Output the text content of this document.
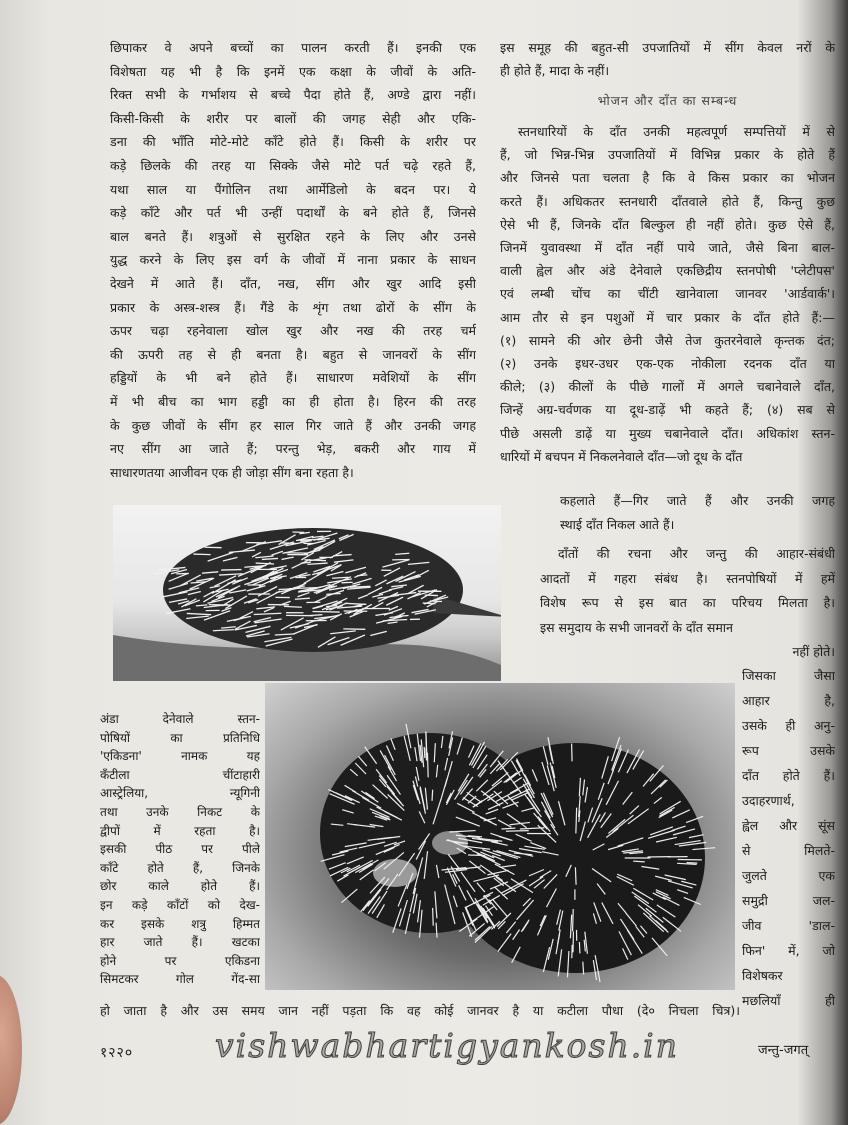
छिपाकर वे अपने बच्चों का पालन करती हैं। इनकी एक
विशेषता यह भी है कि इनमें एक कक्षा के जीवों के अति-
रिक्त सभी के गर्भाशय से बच्चे पैदा होते हैं, अण्डे द्वारा नहीं।
किसी-किसी के शरीर पर बालों की जगह सेही और एकि-
डना की भाँति मोटे-मोटे काँटे होते हैं। किसी के शरीर पर
कड़े छिलके की तरह या सिक्के जैसे मोटे पर्त चढ़े रहते हैं,
यथा साल या पैंगोलिन तथा आर्मेडिलो के बदन पर। ये
कड़े काँटे और पर्त भी उन्हीं पदार्थों के बने होते हैं, जिनसे
बाल बनते हैं। शत्रुओं से सुरक्षित रहने के लिए और उनसे
युद्ध करने के लिए इस वर्ग के जीवों में नाना प्रकार के साधन
देखने में आते हैं। दाँत, नख, सींग और खुर आदि इसी
प्रकार के अस्त्र-शस्त्र हैं। गैंडे के शृंग तथा ढोरों के सींग के
ऊपर चढ़ा रहनेवाला खोल खुर और नख की तरह चर्म
की ऊपरी तह से ही बनता है। बहुत से जानवरों के सींग
हड्डियों के भी बने होते हैं। साधारण मवेशियों के सींग
में भी बीच का भाग हड्डी का ही होता है। हिरन की तरह
के कुछ जीवों के सींग हर साल गिर जाते हैं और उनकी जगह
नए सींग आ जाते हैं; परन्तु भेड़, बकरी और गाय में
साधारणतया आजीवन एक ही जोड़ा सींग बना रहता है।
इस समूह की बहुत-सी उपजातियों में सींग केवल नरों के
ही होते हैं, मादा के नहीं।
भोजन और दाँत का सम्बन्ध
स्तनधारियों के दाँत उनकी महत्वपूर्ण सम्पत्तियों में से
हैं, जो भिन्न-भिन्न उपजातियों में विभिन्न प्रकार के होते हैं
और जिनसे पता चलता है कि वे किस प्रकार का भोजन
करते हैं। अधिकतर स्तनधारी दाँतवाले होते हैं, किन्तु कुछ
ऐसे भी हैं, जिनके दाँत बिल्कुल ही नहीं होते। कुछ ऐसे हैं,
जिनमें युवावस्था में दाँत नहीं पाये जाते, जैसे बिना बाल-
वाली ह्वेल और अंडे देनेवाले एकछिद्रीय स्तनपोषी 'प्लेटीपस'
एवं लम्बी चोंच का चींटी खानेवाला जानवर 'आर्डवार्क'।
आम तौर से इन पशुओं में चार प्रकार के दाँत होते हैं:—
(१) सामने की ओर छेनी जैसे तेज कुतरनेवाले कृन्तक दंत;
(२) उनके इधर-उधर एक-एक नोकीला रदनक दाँत या
कीले; (३) कीलों के पीछे गालों में अगले चबानेवाले दाँत,
जिन्हें अग्र-चर्वणक या दूध-डाढ़ें भी कहते हैं; (४) सब से
पीछे असली डाढ़ें या मुख्य चबानेवाले दाँत। अधिकांश स्तन-
धारियों में बचपन में निकलनेवाले दाँत—जो दूध के दाँत
कहलाते हैं—गिर जाते हैं और उनकी जगह
स्थाई दाँत निकल आते हैं।
दाँतों की रचना और जन्तु की आहार-संबंधी
आदतों में गहरा संबंध है। स्तनपोषियों में हमें
विशेष रूप से इस बात का परिचय मिलता है।
इस समुदाय के सभी जानवरों के दाँत समान
नहीं होते।
जिसका जैसा
आहार है,
उसके ही अनु-
रूप उसके
दाँत होते हैं।
उदाहरणार्थ,
ह्वेल और सूंस
से मिलते-
जुलते एक
समुद्री जल-
जीव 'डाल-
फिन' में, जो
विशेषकर
मछलियाँ ही
अंडा देनेवाले स्तन-
पोषियों का प्रतिनिधि
'एकिडना' नामक यह
कँटीला चींटाहारी
आस्ट्रेलिया, न्यूगिनी
तथा उनके निकट के
द्वीपों में रहता है।
इसकी पीठ पर पीले
काँटे होते हैं, जिनके
छोर काले होते हैं।
इन कड़े काँटों को देख-
कर इसके शत्रु हिम्मत
हार जाते हैं। खटका
होने पर एकिडना
सिमटकर गोल गेंद-सा
हो जाता है और उस समय जान नहीं पड़ता कि वह कोई जानवर है या कटीला पौधा (दे० निचला चित्र)।
१२२० vishwabhartigyankosh.in	जन्तु-जगत्
